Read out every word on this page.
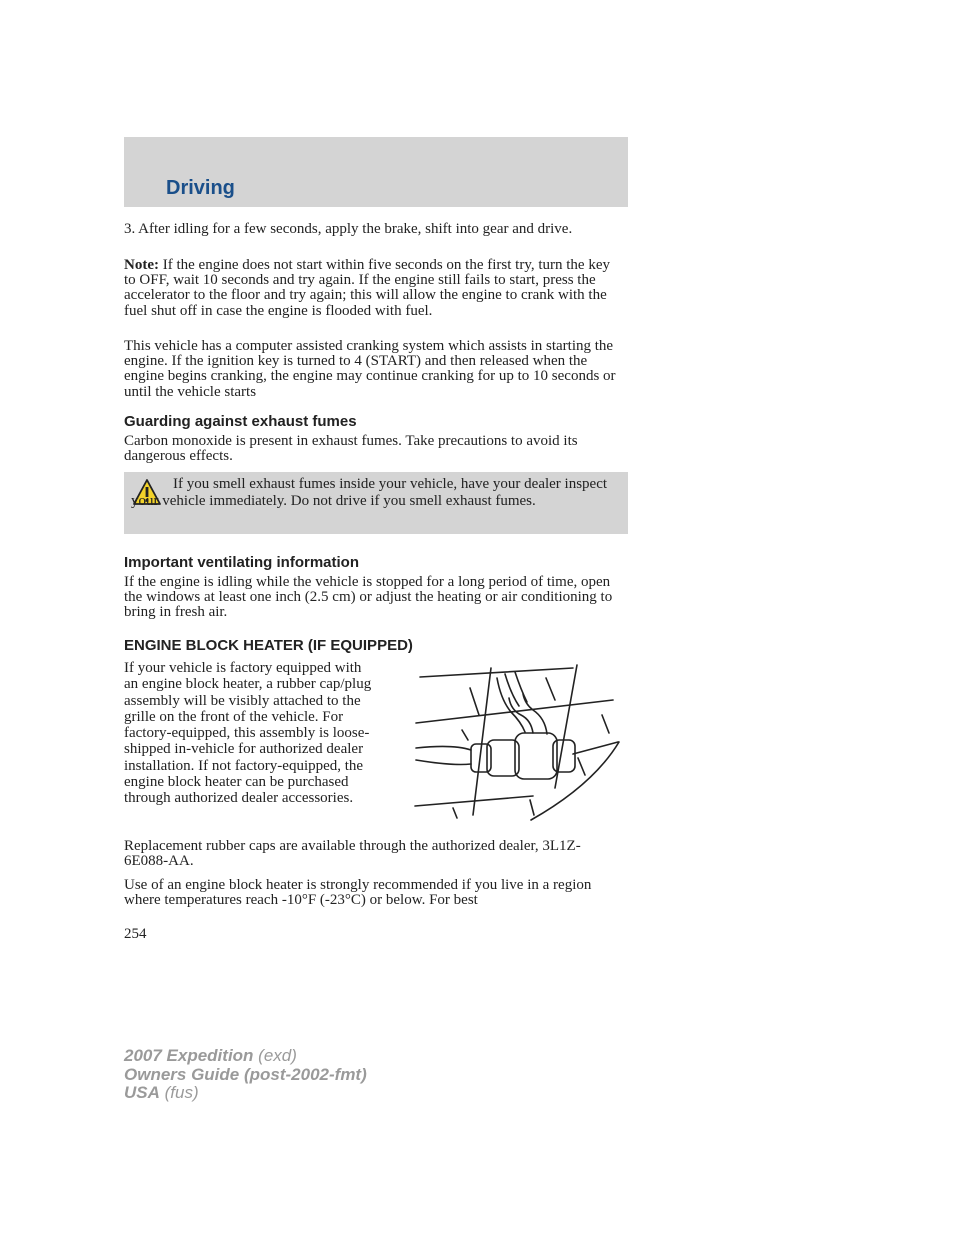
Driving
3. After idling for a few seconds, apply the brake, shift into gear and drive.
Note: If the engine does not start within five seconds on the first try, turn the key to OFF, wait 10 seconds and try again. If the engine still fails to start, press the accelerator to the floor and try again; this will allow the engine to crank with the fuel shut off in case the engine is flooded with fuel.
This vehicle has a computer assisted cranking system which assists in starting the engine. If the ignition key is turned to 4 (START) and then released when the engine begins cranking, the engine may continue cranking for up to 10 seconds or until the vehicle starts
Guarding against exhaust fumes
Carbon monoxide is present in exhaust fumes. Take precautions to avoid its dangerous effects.
If you smell exhaust fumes inside your vehicle, have your dealer inspect your vehicle immediately. Do not drive if you smell exhaust fumes.
Important ventilating information
If the engine is idling while the vehicle is stopped for a long period of time, open the windows at least one inch (2.5 cm) or adjust the heating or air conditioning to bring in fresh air.
ENGINE BLOCK HEATER (IF EQUIPPED)
If your vehicle is factory equipped with an engine block heater, a rubber cap/plug assembly will be visibly attached to the grille on the front of the vehicle. For factory-equipped, this assembly is loose-shipped in-vehicle for authorized dealer installation. If not factory-equipped, the engine block heater can be purchased through authorized dealer accessories.
Replacement rubber caps are available through the authorized dealer, 3L1Z-6E088-AA.
Use of an engine block heater is strongly recommended if you live in a region where temperatures reach -10°F (-23°C) or below. For best
254
2007 Expedition (exd)
Owners Guide (post-2002-fmt)
USA (fus)
